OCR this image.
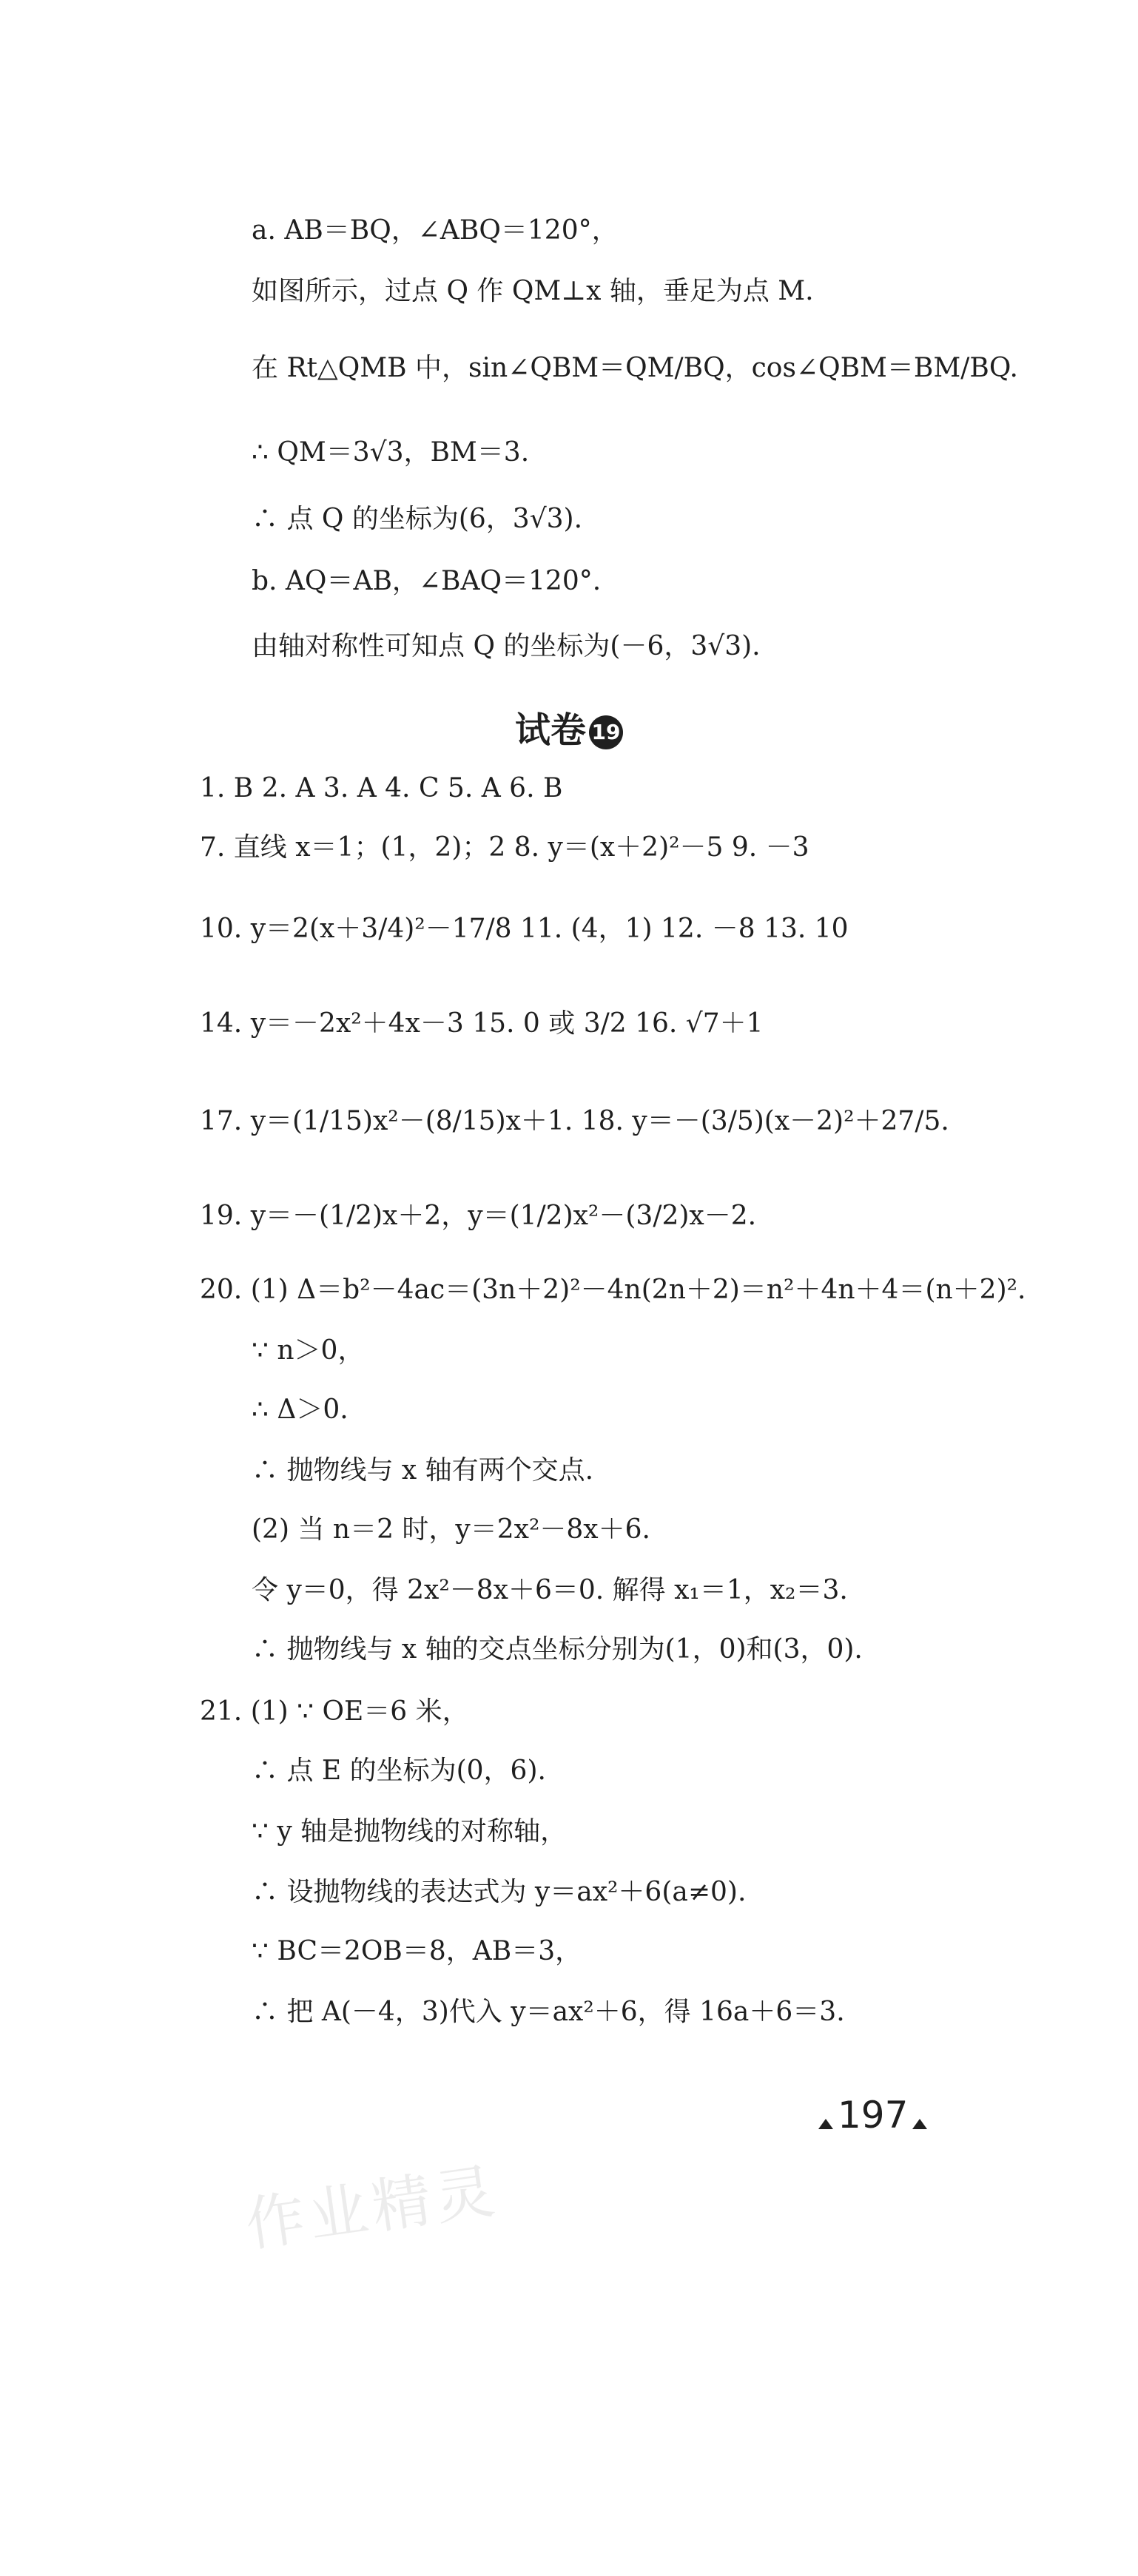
a. AB＝BQ，∠ABQ＝120°，
如图所示，过点 Q 作 QM⊥x 轴，垂足为点 M.
在 Rt△QMB 中，sin∠QBM＝QM/BQ，cos∠QBM＝BM/BQ.
∴ QM＝3√3，BM＝3.
∴ 点 Q 的坐标为(6，3√3).
b. AQ＝AB，∠BAQ＝120°.
由轴对称性可知点 Q 的坐标为(－6，3√3).
试卷 19
1. B 2. A 3. A 4. C 5. A 6. B
7. 直线 x＝1；(1，2)；2 8. y＝(x＋2)²－5 9. －3
10. y＝2(x＋3/4)²－17/8 11. (4，1) 12. －8 13. 10
14. y＝－2x²＋4x－3 15. 0 或 3/2 16. √7＋1
17. y＝(1/15)x²－(8/15)x＋1. 18. y＝－(3/5)(x－2)²＋27/5.
19. y＝－(1/2)x＋2，y＝(1/2)x²－(3/2)x－2.
20. (1) Δ＝b²－4ac＝(3n＋2)²－4n(2n＋2)＝n²＋4n＋4＝(n＋2)².
∵ n＞0，
∴ Δ＞0.
∴ 抛物线与 x 轴有两个交点.
(2) 当 n＝2 时，y＝2x²－8x＋6.
令 y＝0，得 2x²－8x＋6＝0. 解得 x₁＝1，x₂＝3.
∴ 抛物线与 x 轴的交点坐标分别为(1，0)和(3，0).
21. (1) ∵ OE＝6 米，
∴ 点 E 的坐标为(0，6).
∵ y 轴是抛物线的对称轴，
∴ 设抛物线的表达式为 y＝ax²＋6(a≠0).
∵ BC＝2OB＝8，AB＝3，
∴ 把 A(－4，3)代入 y＝ax²＋6，得 16a＋6＝3.
197
作业精灵
